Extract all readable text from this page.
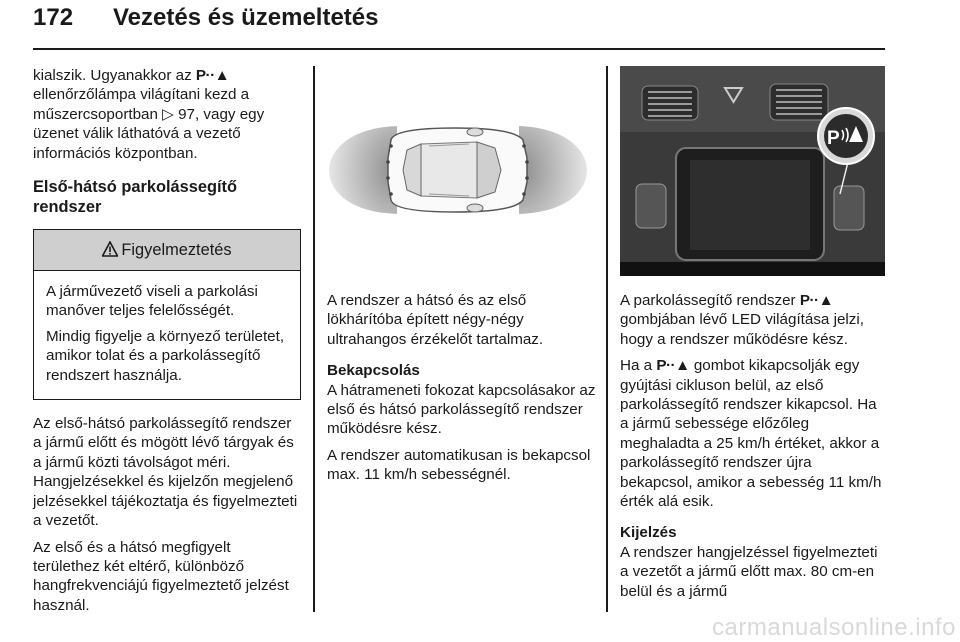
172 Vezetés és üzemeltetés

kialszik. Ugyanakkor az P··▲
ellenőrzőlámpa világítani kezd a műszercsoportban ▷ 97, vagy egy üzenet válik láthatóvá a vezető információs központban.

Első-hátsó parkolássegítő rendszer
Figyelmeztetés

A járművezető viseli a parkolási manőver teljes felelősségét.

Mindig figyelje a környező területet, amikor tolat és a parkolássegítő rendszert használja.

Az első-hátsó parkolássegítő rendszer a jármű előtt és mögött lévő tárgyak és a jármű közti távolságot méri. Hangjelzésekkel és kijelzőn megjelenő jelzésekkel tájékoztatja és figyelmezteti a vezetőt.

Az első és a hátsó megfigyelt területhez két eltérő, különböző hangfrekvenciájú figyelmeztető jelzést használ.

A rendszer a hátsó és az első lökhárítóba épített négy-négy ultrahangos érzékelőt tartalmaz.

Bekapcsolás

A hátrameneti fokozat kapcsolásakor az első és hátsó parkolássegítő rendszer működésre kész.

A rendszer automatikusan is bekapcsol max. 11 km/h sebességnél.

P

A parkolássegítő rendszer P··▲ gombjában lévő LED világítása jelzi, hogy a rendszer működésre kész.

Ha a P··▲ gombot kikapcsolják egy gyújtási cikluson belül, az első parkolássegítő rendszer kikapcsol. Ha a jármű sebessége előzőleg meghaladta a 25 km/h értéket, akkor a parkolássegítő rendszer újra bekapcsol, amikor a sebesség 11 km/h érték alá esik.

Kijelzés

A rendszer hangjelzéssel figyelmezteti a vezetőt a jármű előtt max. 80 cm-en belül és a jármű

carmanualsonline.info
